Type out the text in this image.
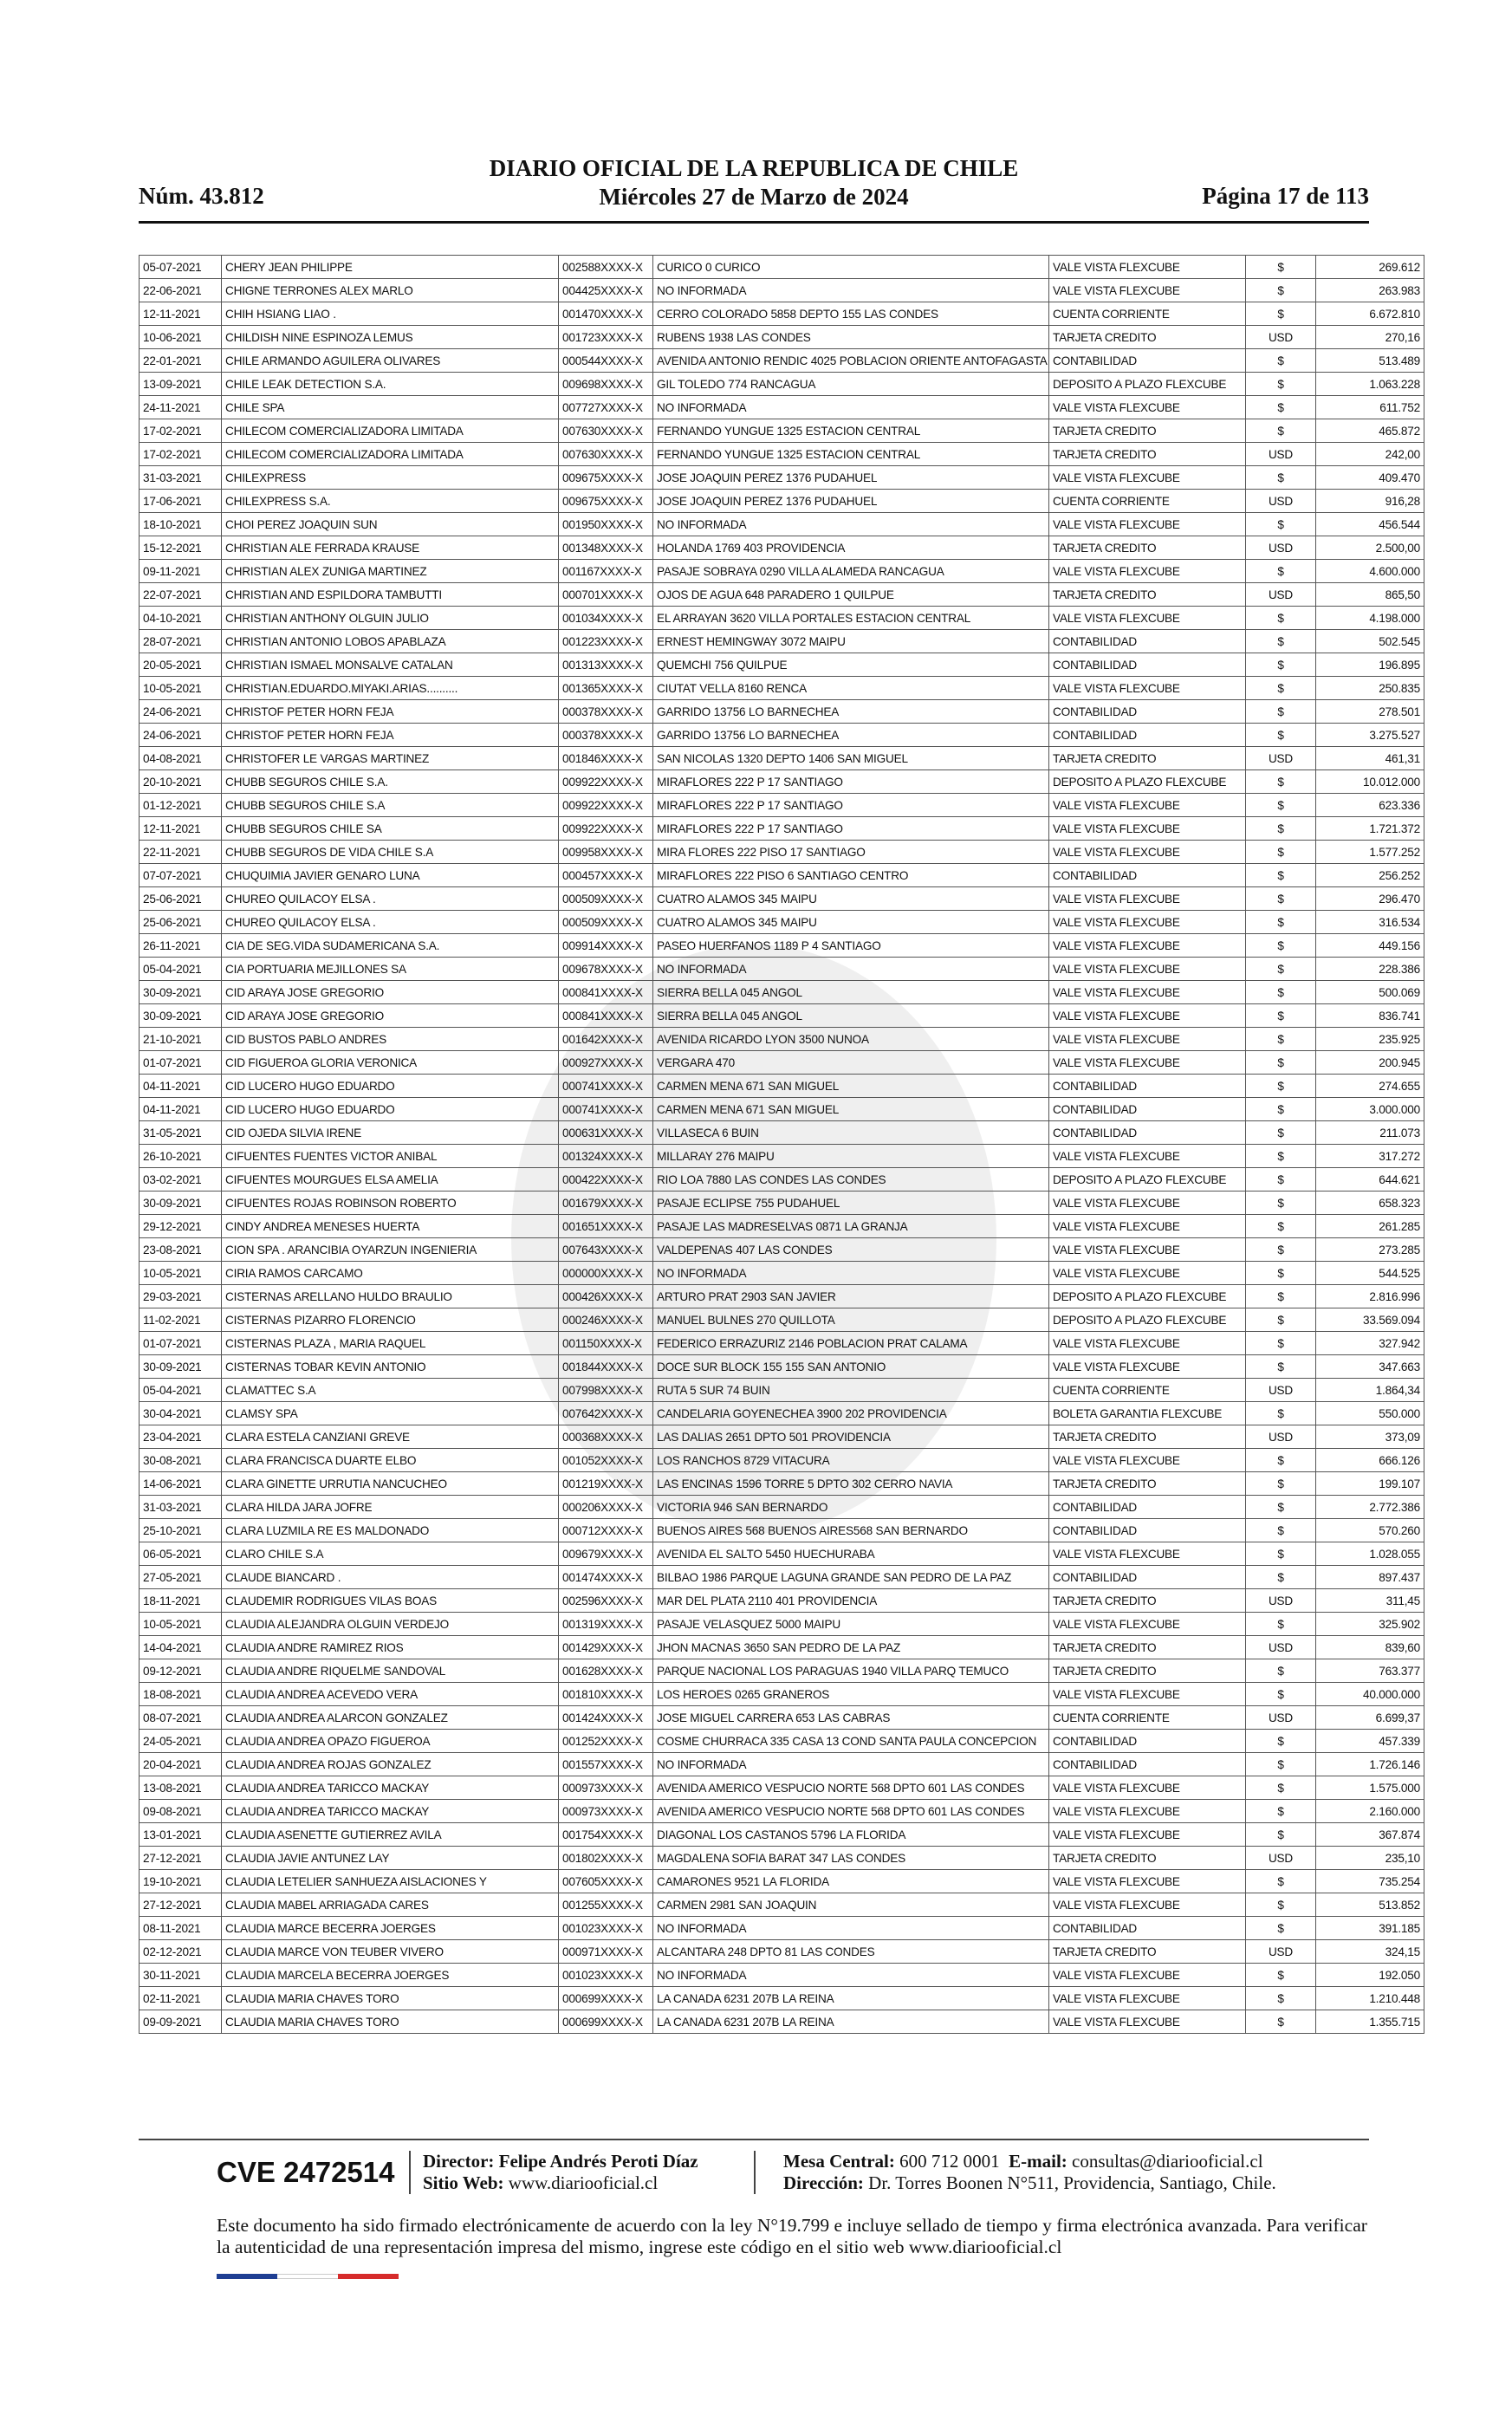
Núm. 43.812
DIARIO OFICIAL DE LA REPUBLICA DE CHILE
Miércoles 27 de Marzo de 2024	Página 17 de 113
05-07-2021	CHERY JEAN PHILIPPE	002588XXXX-X	CURICO 0 CURICO	VALE VISTA FLEXCUBE	$	269.612
22-06-2021	CHIGNE TERRONES ALEX MARLO	004425XXXX-X	NO INFORMADA	VALE VISTA FLEXCUBE	$	263.983
12-11-2021	CHIH HSIANG LIAO .	001470XXXX-X	CERRO COLORADO 5858 DEPTO 155 LAS CONDES	CUENTA CORRIENTE	$	6.672.810
10-06-2021	CHILDISH NINE ESPINOZA LEMUS	001723XXXX-X	RUBENS 1938 LAS CONDES	TARJETA CREDITO	USD	270,16
22-01-2021	CHILE ARMANDO AGUILERA OLIVARES	000544XXXX-X	AVENIDA ANTONIO RENDIC 4025 POBLACION ORIENTE ANTOFAGASTA	CONTABILIDAD	$	513.489
13-09-2021	CHILE LEAK DETECTION S.A.	009698XXXX-X	GIL TOLEDO 774 RANCAGUA	DEPOSITO A PLAZO FLEXCUBE	$	1.063.228
24-11-2021	CHILE SPA	007727XXXX-X	NO INFORMADA	VALE VISTA FLEXCUBE	$	611.752
17-02-2021	CHILECOM COMERCIALIZADORA LIMITADA	007630XXXX-X	FERNANDO YUNGUE 1325 ESTACION CENTRAL	TARJETA CREDITO	$	465.872
17-02-2021	CHILECOM COMERCIALIZADORA LIMITADA	007630XXXX-X	FERNANDO YUNGUE 1325 ESTACION CENTRAL	TARJETA CREDITO	USD	242,00
31-03-2021	CHILEXPRESS	009675XXXX-X	JOSE JOAQUIN PEREZ 1376 PUDAHUEL	VALE VISTA FLEXCUBE	$	409.470
17-06-2021	CHILEXPRESS S.A.	009675XXXX-X	JOSE JOAQUIN PEREZ 1376 PUDAHUEL	CUENTA CORRIENTE	USD	916,28
18-10-2021	CHOI PEREZ JOAQUIN SUN	001950XXXX-X	NO INFORMADA	VALE VISTA FLEXCUBE	$	456.544
15-12-2021	CHRISTIAN ALE FERRADA KRAUSE	001348XXXX-X	HOLANDA 1769 403 PROVIDENCIA	TARJETA CREDITO	USD	2.500,00
09-11-2021	CHRISTIAN ALEX ZUNIGA MARTINEZ	001167XXXX-X	PASAJE SOBRAYA 0290 VILLA ALAMEDA RANCAGUA	VALE VISTA FLEXCUBE	$	4.600.000
22-07-2021	CHRISTIAN AND ESPILDORA TAMBUTTI	000701XXXX-X	OJOS DE AGUA 648 PARADERO 1 QUILPUE	TARJETA CREDITO	USD	865,50
04-10-2021	CHRISTIAN ANTHONY OLGUIN JULIO	001034XXXX-X	EL ARRAYAN 3620 VILLA PORTALES ESTACION CENTRAL	VALE VISTA FLEXCUBE	$	4.198.000
28-07-2021	CHRISTIAN ANTONIO LOBOS APABLAZA	001223XXXX-X	ERNEST HEMINGWAY 3072 MAIPU	CONTABILIDAD	$	502.545
20-05-2021	CHRISTIAN ISMAEL MONSALVE CATALAN	001313XXXX-X	QUEMCHI 756 QUILPUE	CONTABILIDAD	$	196.895
10-05-2021	CHRISTIAN.EDUARDO.MIYAKI.ARIAS..........	001365XXXX-X	CIUTAT VELLA 8160 RENCA	VALE VISTA FLEXCUBE	$	250.835
24-06-2021	CHRISTOF PETER HORN FEJA	000378XXXX-X	GARRIDO 13756 LO BARNECHEA	CONTABILIDAD	$	278.501
24-06-2021	CHRISTOF PETER HORN FEJA	000378XXXX-X	GARRIDO 13756 LO BARNECHEA	CONTABILIDAD	$	3.275.527
04-08-2021	CHRISTOFER LE VARGAS MARTINEZ	001846XXXX-X	SAN NICOLAS 1320 DEPTO 1406 SAN MIGUEL	TARJETA CREDITO	USD	461,31
20-10-2021	CHUBB SEGUROS CHILE S.A.	009922XXXX-X	MIRAFLORES 222 P 17 SANTIAGO	DEPOSITO A PLAZO FLEXCUBE	$	10.012.000
01-12-2021	CHUBB SEGUROS CHILE S.A	009922XXXX-X	MIRAFLORES 222 P 17 SANTIAGO	VALE VISTA FLEXCUBE	$	623.336
12-11-2021	CHUBB SEGUROS CHILE SA	009922XXXX-X	MIRAFLORES 222 P 17 SANTIAGO	VALE VISTA FLEXCUBE	$	1.721.372
22-11-2021	CHUBB SEGUROS DE VIDA CHILE S.A	009958XXXX-X	MIRA FLORES 222 PISO 17 SANTIAGO	VALE VISTA FLEXCUBE	$	1.577.252
07-07-2021	CHUQUIMIA JAVIER GENARO LUNA	000457XXXX-X	MIRAFLORES 222 PISO 6 SANTIAGO CENTRO	CONTABILIDAD	$	256.252
25-06-2021	CHUREO QUILACOY ELSA .	000509XXXX-X	CUATRO ALAMOS 345 MAIPU	VALE VISTA FLEXCUBE	$	296.470
25-06-2021	CHUREO QUILACOY ELSA .	000509XXXX-X	CUATRO ALAMOS 345 MAIPU	VALE VISTA FLEXCUBE	$	316.534
26-11-2021	CIA DE SEG.VIDA SUDAMERICANA S.A.	009914XXXX-X	PASEO HUERFANOS 1189 P 4 SANTIAGO	VALE VISTA FLEXCUBE	$	449.156
05-04-2021	CIA PORTUARIA MEJILLONES SA	009678XXXX-X	NO INFORMADA	VALE VISTA FLEXCUBE	$	228.386
30-09-2021	CID ARAYA JOSE GREGORIO	000841XXXX-X	SIERRA BELLA 045 ANGOL	VALE VISTA FLEXCUBE	$	500.069
30-09-2021	CID ARAYA JOSE GREGORIO	000841XXXX-X	SIERRA BELLA 045 ANGOL	VALE VISTA FLEXCUBE	$	836.741
21-10-2021	CID BUSTOS PABLO ANDRES	001642XXXX-X	AVENIDA RICARDO LYON 3500 NUNOA	VALE VISTA FLEXCUBE	$	235.925
01-07-2021	CID FIGUEROA GLORIA VERONICA	000927XXXX-X	VERGARA 470	VALE VISTA FLEXCUBE	$	200.945
04-11-2021	CID LUCERO HUGO EDUARDO	000741XXXX-X	CARMEN MENA 671 SAN MIGUEL	CONTABILIDAD	$	274.655
04-11-2021	CID LUCERO HUGO EDUARDO	000741XXXX-X	CARMEN MENA 671 SAN MIGUEL	CONTABILIDAD	$	3.000.000
31-05-2021	CID OJEDA SILVIA IRENE	000631XXXX-X	VILLASECA 6 BUIN	CONTABILIDAD	$	211.073
26-10-2021	CIFUENTES FUENTES VICTOR ANIBAL	001324XXXX-X	MILLARAY 276 MAIPU	VALE VISTA FLEXCUBE	$	317.272
03-02-2021	CIFUENTES MOURGUES ELSA AMELIA	000422XXXX-X	RIO LOA 7880 LAS CONDES LAS CONDES	DEPOSITO A PLAZO FLEXCUBE	$	644.621
30-09-2021	CIFUENTES ROJAS ROBINSON ROBERTO	001679XXXX-X	PASAJE ECLIPSE 755 PUDAHUEL	VALE VISTA FLEXCUBE	$	658.323
29-12-2021	CINDY ANDREA MENESES HUERTA	001651XXXX-X	PASAJE LAS MADRESELVAS 0871 LA GRANJA	VALE VISTA FLEXCUBE	$	261.285
23-08-2021	CION SPA . ARANCIBIA OYARZUN INGENIERIA	007643XXXX-X	VALDEPENAS 407 LAS CONDES	VALE VISTA FLEXCUBE	$	273.285
10-05-2021	CIRIA RAMOS CARCAMO	000000XXXX-X	NO INFORMADA	VALE VISTA FLEXCUBE	$	544.525
29-03-2021	CISTERNAS ARELLANO HULDO BRAULIO	000426XXXX-X	ARTURO PRAT 2903 SAN JAVIER	DEPOSITO A PLAZO FLEXCUBE	$	2.816.996
11-02-2021	CISTERNAS PIZARRO FLORENCIO	000246XXXX-X	MANUEL BULNES 270 QUILLOTA	DEPOSITO A PLAZO FLEXCUBE	$	33.569.094
01-07-2021	CISTERNAS PLAZA , MARIA RAQUEL	001150XXXX-X	FEDERICO ERRAZURIZ 2146 POBLACION PRAT CALAMA	VALE VISTA FLEXCUBE	$	327.942
30-09-2021	CISTERNAS TOBAR KEVIN ANTONIO	001844XXXX-X	DOCE SUR BLOCK 155 155 SAN ANTONIO	VALE VISTA FLEXCUBE	$	347.663
05-04-2021	CLAMATTEC S.A	007998XXXX-X	RUTA 5 SUR 74 BUIN	CUENTA CORRIENTE	USD	1.864,34
30-04-2021	CLAMSY SPA	007642XXXX-X	CANDELARIA GOYENECHEA 3900 202 PROVIDENCIA	BOLETA GARANTIA FLEXCUBE	$	550.000
23-04-2021	CLARA ESTELA CANZIANI GREVE	000368XXXX-X	LAS DALIAS 2651 DPTO 501 PROVIDENCIA	TARJETA CREDITO	USD	373,09
30-08-2021	CLARA FRANCISCA DUARTE ELBO	001052XXXX-X	LOS RANCHOS 8729 VITACURA	VALE VISTA FLEXCUBE	$	666.126
14-06-2021	CLARA GINETTE URRUTIA NANCUCHEO	001219XXXX-X	LAS ENCINAS 1596 TORRE 5 DPTO 302 CERRO NAVIA	TARJETA CREDITO	$	199.107
31-03-2021	CLARA HILDA JARA JOFRE	000206XXXX-X	VICTORIA 946 SAN BERNARDO	CONTABILIDAD	$	2.772.386
25-10-2021	CLARA LUZMILA RE ES MALDONADO	000712XXXX-X	BUENOS AIRES 568 BUENOS AIRES568 SAN BERNARDO	CONTABILIDAD	$	570.260
06-05-2021	CLARO CHILE S.A	009679XXXX-X	AVENIDA EL SALTO 5450 HUECHURABA	VALE VISTA FLEXCUBE	$	1.028.055
27-05-2021	CLAUDE BIANCARD .	001474XXXX-X	BILBAO 1986 PARQUE LAGUNA GRANDE SAN PEDRO DE LA PAZ	CONTABILIDAD	$	897.437
18-11-2021	CLAUDEMIR RODRIGUES VILAS BOAS	002596XXXX-X	MAR DEL PLATA 2110 401 PROVIDENCIA	TARJETA CREDITO	USD	311,45
10-05-2021	CLAUDIA ALEJANDRA OLGUIN VERDEJO	001319XXXX-X	PASAJE VELASQUEZ 5000 MAIPU	VALE VISTA FLEXCUBE	$	325.902
14-04-2021	CLAUDIA ANDRE RAMIREZ RIOS	001429XXXX-X	JHON MACNAS 3650 SAN PEDRO DE LA PAZ	TARJETA CREDITO	USD	839,60
09-12-2021	CLAUDIA ANDRE RIQUELME SANDOVAL	001628XXXX-X	PARQUE NACIONAL LOS PARAGUAS 1940 VILLA PARQ TEMUCO	TARJETA CREDITO	$	763.377
18-08-2021	CLAUDIA ANDREA ACEVEDO VERA	001810XXXX-X	LOS HEROES 0265 GRANEROS	VALE VISTA FLEXCUBE	$	40.000.000
08-07-2021	CLAUDIA ANDREA ALARCON GONZALEZ	001424XXXX-X	JOSE MIGUEL CARRERA 653 LAS CABRAS	CUENTA CORRIENTE	USD	6.699,37
24-05-2021	CLAUDIA ANDREA OPAZO FIGUEROA	001252XXXX-X	COSME CHURRACA 335 CASA 13 COND SANTA PAULA CONCEPCION	CONTABILIDAD	$	457.339
20-04-2021	CLAUDIA ANDREA ROJAS GONZALEZ	001557XXXX-X	NO INFORMADA	CONTABILIDAD	$	1.726.146
13-08-2021	CLAUDIA ANDREA TARICCO MACKAY	000973XXXX-X	AVENIDA AMERICO VESPUCIO NORTE 568 DPTO 601 LAS CONDES	VALE VISTA FLEXCUBE	$	1.575.000
09-08-2021	CLAUDIA ANDREA TARICCO MACKAY	000973XXXX-X	AVENIDA AMERICO VESPUCIO NORTE 568 DPTO 601 LAS CONDES	VALE VISTA FLEXCUBE	$	2.160.000
13-01-2021	CLAUDIA ASENETTE GUTIERREZ AVILA	001754XXXX-X	DIAGONAL LOS CASTANOS 5796 LA FLORIDA	VALE VISTA FLEXCUBE	$	367.874
27-12-2021	CLAUDIA JAVIE ANTUNEZ LAY	001802XXXX-X	MAGDALENA SOFIA BARAT 347 LAS CONDES	TARJETA CREDITO	USD	235,10
19-10-2021	CLAUDIA LETELIER SANHUEZA AISLACIONES Y	007605XXXX-X	CAMARONES 9521 LA FLORIDA	VALE VISTA FLEXCUBE	$	735.254
27-12-2021	CLAUDIA MABEL ARRIAGADA CARES	001255XXXX-X	CARMEN 2981 SAN JOAQUIN	VALE VISTA FLEXCUBE	$	513.852
08-11-2021	CLAUDIA MARCE BECERRA JOERGES	001023XXXX-X	NO INFORMADA	CONTABILIDAD	$	391.185
02-12-2021	CLAUDIA MARCE VON TEUBER VIVERO	000971XXXX-X	ALCANTARA 248 DPTO 81 LAS CONDES	TARJETA CREDITO	USD	324,15
30-11-2021	CLAUDIA MARCELA BECERRA JOERGES	001023XXXX-X	NO INFORMADA	VALE VISTA FLEXCUBE	$	192.050
02-11-2021	CLAUDIA MARIA CHAVES TORO	000699XXXX-X	LA CANADA 6231 207B LA REINA	VALE VISTA FLEXCUBE	$	1.210.448
09-09-2021	CLAUDIA MARIA CHAVES TORO	000699XXXX-X	LA CANADA 6231 207B LA REINA	VALE VISTA FLEXCUBE	$	1.355.715
CVE 2472514 Director: Felipe Andrés Peroti Díaz
Sitio Web: www.diariooficial.cl
Mesa Central: 600 712 0001 E-mail: consultas@diariooficial.cl
Dirección: Dr. Torres Boonen N°511, Providencia, Santiago, Chile.
Este documento ha sido firmado electrónicamente de acuerdo con la ley N°19.799 e incluye sellado de tiempo y firma electrónica avanzada. Para verificar la autenticidad de una representación impresa del mismo, ingrese este código en el sitio web www.diariooficial.cl
